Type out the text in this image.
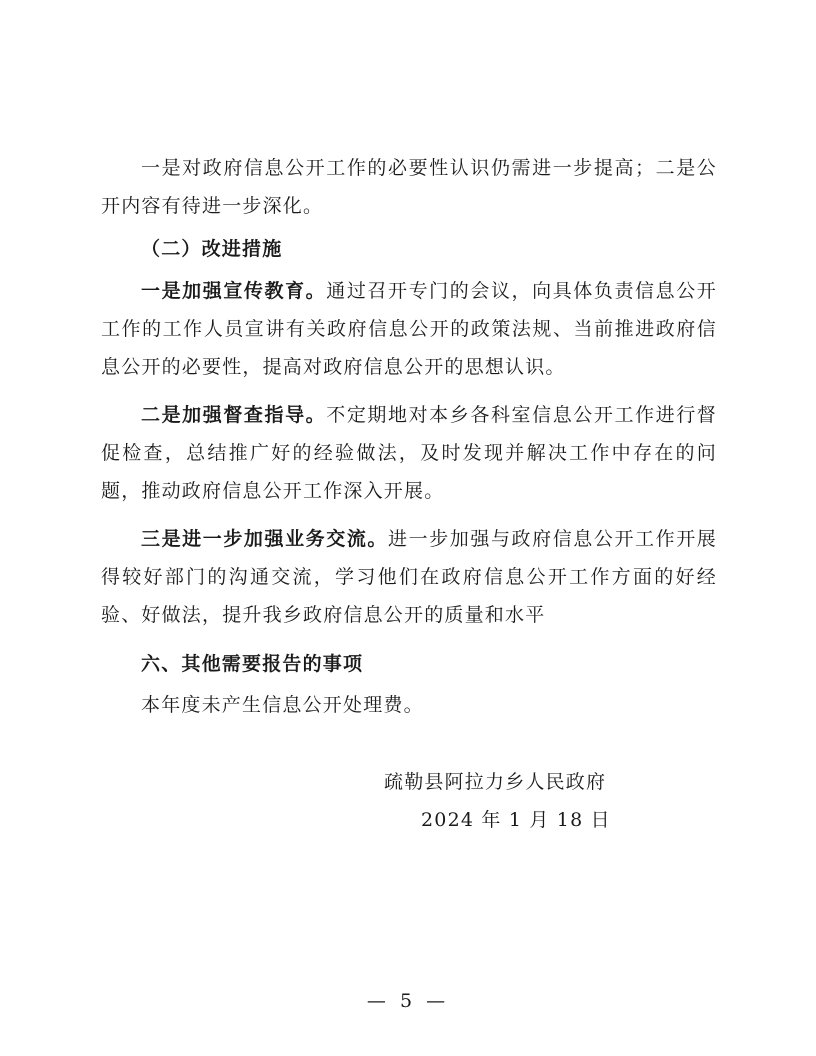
一是对政府信息公开工作的必要性认识仍需进一步提高；二是公开内容有待进一步深化。

（二）改进措施

一是加强宣传教育。通过召开专门的会议，向具体负责信息公开工作的工作人员宣讲有关政府信息公开的政策法规、当前推进政府信息公开的必要性，提高对政府信息公开的思想认识。

二是加强督查指导。不定期地对本乡各科室信息公开工作进行督促检查，总结推广好的经验做法，及时发现并解决工作中存在的问题，推动政府信息公开工作深入开展。

三是进一步加强业务交流。进一步加强与政府信息公开工作开展得较好部门的沟通交流，学习他们在政府信息公开工作方面的好经验、好做法，提升我乡政府信息公开的质量和水平

六、其他需要报告的事项

本年度未产生信息公开处理费。

疏勒县阿拉力乡人民政府

2024 年 1 月 18 日

— 5 —
